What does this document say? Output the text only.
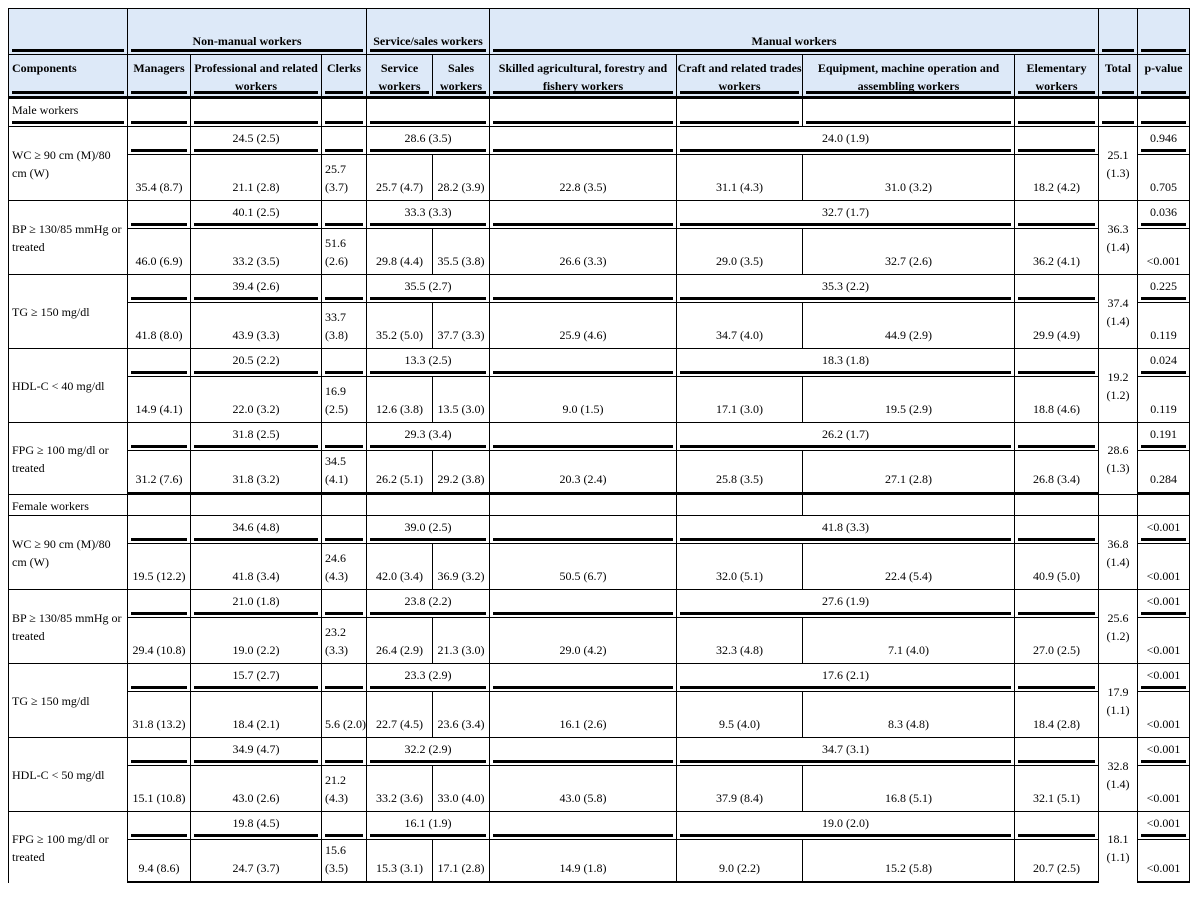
	Non-manual workers			Service/sales workers		Manual workers					
Components	Managers	Professional and related workers	Clerks	Service workers	Sales workers	Skilled agricultural, forestry and fishery workers	Craft and related trades workers	Equipment, machine operation and assembling workers	Elementary workers	Total	p-value
Male workers											
WC ≥ 90 cm (M)/80 cm (W)		24.5 (2.5)		28.6 (3.5)			24.0 (1.9)			25.1 (1.3)	0.946
	35.4 (8.7)	21.1 (2.8)	25.7 (3.7)	25.7 (4.7)	28.2 (3.9)	22.8 (3.5)	31.1 (4.3)	31.0 (3.2)	18.2 (4.2)		0.705
BP ≥ 130/85 mmHg or treated		40.1 (2.5)		33.3 (3.3)			32.7 (1.7)			36.3 (1.4)	0.036
	46.0 (6.9)	33.2 (3.5)	51.6 (2.6)	29.8 (4.4)	35.5 (3.8)	26.6 (3.3)	29.0 (3.5)	32.7 (2.6)	36.2 (4.1)		<0.001
TG ≥ 150 mg/dl		39.4 (2.6)		35.5 (2.7)			35.3 (2.2)			37.4 (1.4)	0.225
	41.8 (8.0)	43.9 (3.3)	33.7 (3.8)	35.2 (5.0)	37.7 (3.3)	25.9 (4.6)	34.7 (4.0)	44.9 (2.9)	29.9 (4.9)		0.119
HDL-C < 40 mg/dl		20.5 (2.2)		13.3 (2.5)			18.3 (1.8)			19.2 (1.2)	0.024
	14.9 (4.1)	22.0 (3.2)	16.9 (2.5)	12.6 (3.8)	13.5 (3.0)	9.0 (1.5)	17.1 (3.0)	19.5 (2.9)	18.8 (4.6)		0.119
FPG ≥ 100 mg/dl or treated		31.8 (2.5)		29.3 (3.4)			26.2 (1.7)			28.6 (1.3)	0.191
	31.2 (7.6)	31.8 (3.2)	34.5 (4.1)	26.2 (5.1)	29.2 (3.8)	20.3 (2.4)	25.8 (3.5)	27.1 (2.8)	26.8 (3.4)		0.284
Female workers											
WC ≥ 90 cm (M)/80 cm (W)		34.6 (4.8)		39.0 (2.5)			41.8 (3.3)			36.8 (1.4)	<0.001
	19.5 (12.2)	41.8 (3.4)	24.6 (4.3)	42.0 (3.4)	36.9 (3.2)	50.5 (6.7)	32.0 (5.1)	22.4 (5.4)	40.9 (5.0)		<0.001
BP ≥ 130/85 mmHg or treated		21.0 (1.8)		23.8 (2.2)			27.6 (1.9)			25.6 (1.2)	<0.001
	29.4 (10.8)	19.0 (2.2)	23.2 (3.3)	26.4 (2.9)	21.3 (3.0)	29.0 (4.2)	32.3 (4.8)	7.1 (4.0)	27.0 (2.5)		<0.001
TG ≥ 150 mg/dl		15.7 (2.7)		23.3 (2.9)			17.6 (2.1)			17.9 (1.1)	<0.001
	31.8 (13.2)	18.4 (2.1)	5.6 (2.0)	22.7 (4.5)	23.6 (3.4)	16.1 (2.6)	9.5 (4.0)	8.3 (4.8)	18.4 (2.8)		<0.001
HDL-C < 50 mg/dl		34.9 (4.7)		32.2 (2.9)			34.7 (3.1)			32.8 (1.4)	<0.001
	15.1 (10.8)	43.0 (2.6)	21.2 (4.3)	33.2 (3.6)	33.0 (4.0)	43.0 (5.8)	37.9 (8.4)	16.8 (5.1)	32.1 (5.1)		<0.001
FPG ≥ 100 mg/dl or treated		19.8 (4.5)		16.1 (1.9)			19.0 (2.0)			18.1 (1.1)	<0.001
	9.4 (8.6)	24.7 (3.7)	15.6 (3.5)	15.3 (3.1)	17.1 (2.8)	14.9 (1.8)	9.0 (2.2)	15.2 (5.8)	20.7 (2.5)		<0.001
